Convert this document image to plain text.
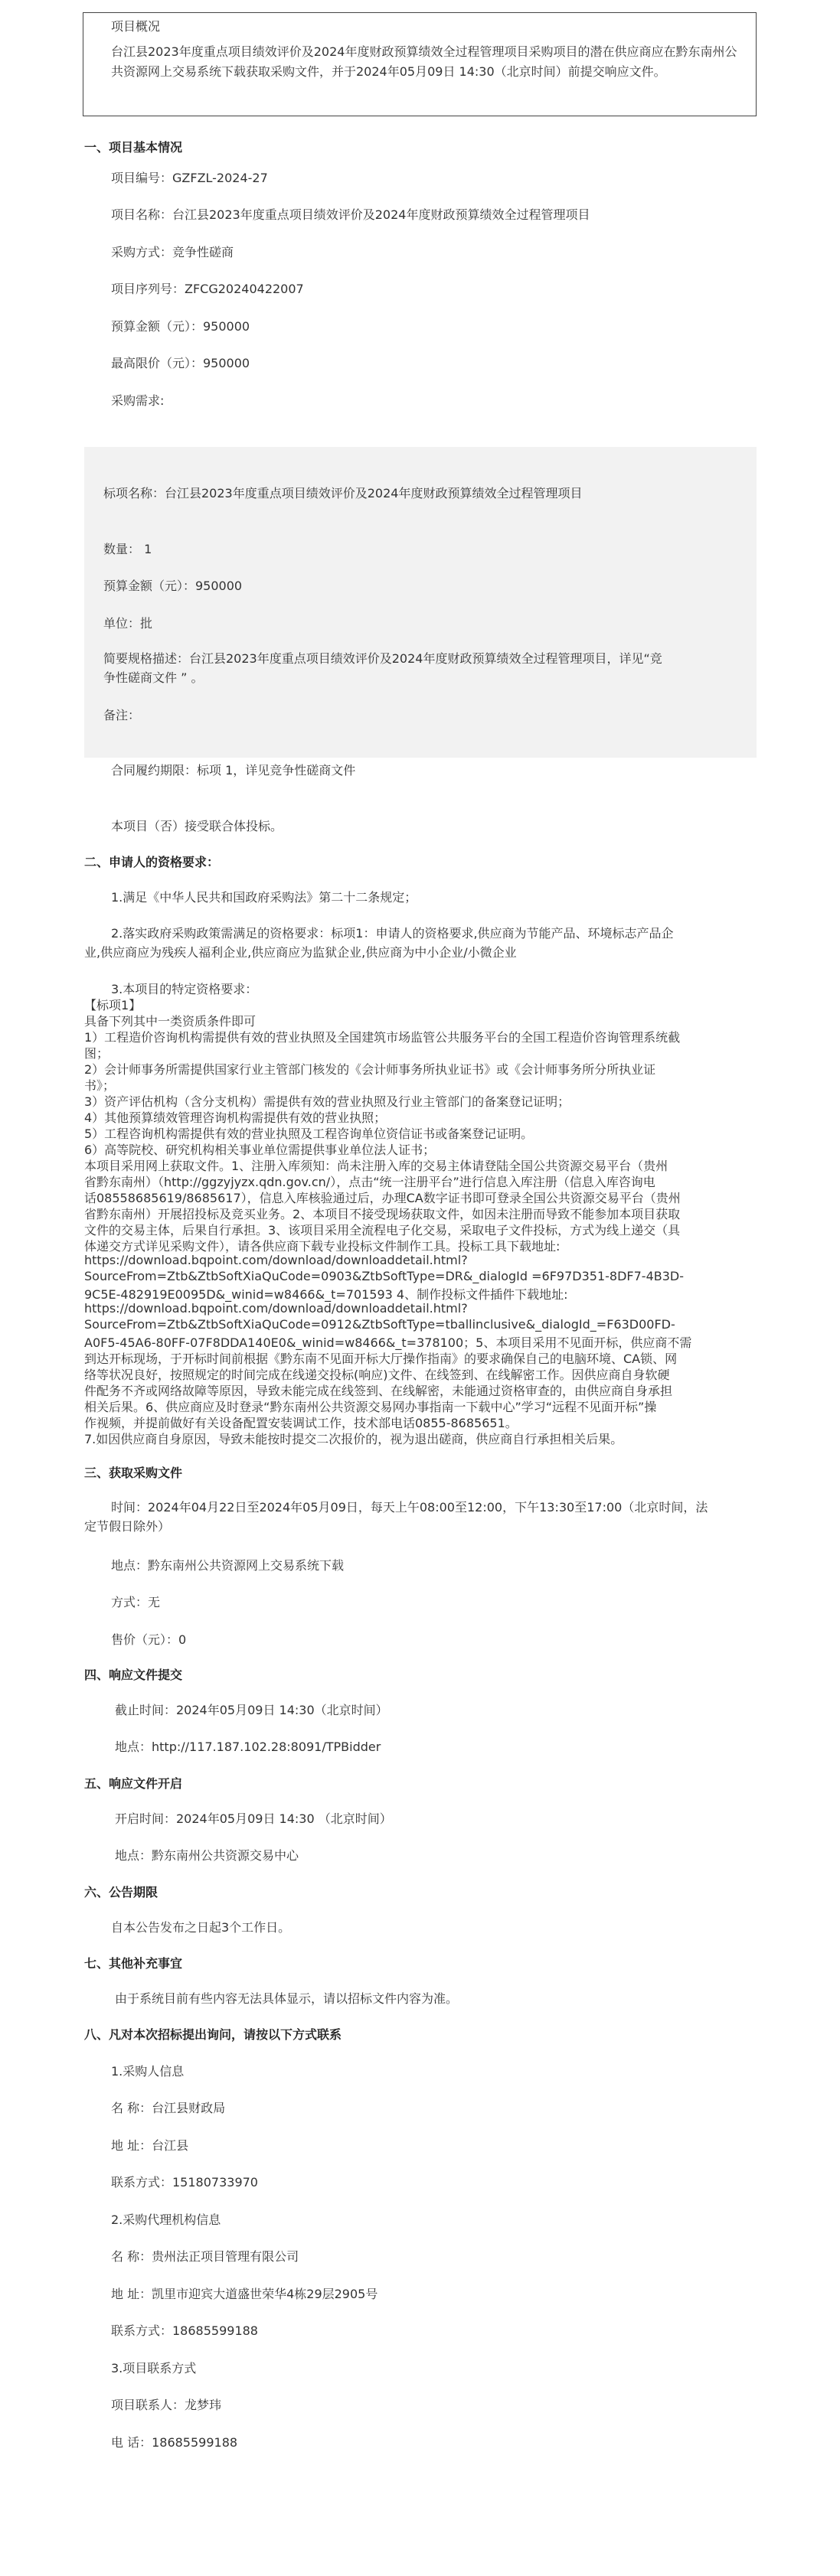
项目概况
台江县2023年度重点项目绩效评价及2024年度财政预算绩效全过程管理项目采购项目的潜在供应商应在黔东南州公共资源网上交易系统下载获取采购文件，并于2024年05月09日 14:30（北京时间）前提交响应文件。
一、项目基本情况
项目编号：GZFZL-2024-27
项目名称：台江县2023年度重点项目绩效评价及2024年度财政预算绩效全过程管理项目
采购方式：竞争性磋商
项目序列号：ZFCG20240422007
预算金额（元）：950000
最高限价（元）：950000
采购需求:
标项名称：台江县2023年度重点项目绩效评价及2024年度财政预算绩效全过程管理项目
数量： 1
预算金额（元）：950000
单位：批
简要规格描述：台江县2023年度重点项目绩效评价及2024年度财政预算绩效全过程管理项目，详见“竞
争性磋商文件 ” 。
备注：
合同履约期限：标项 1，详见竞争性磋商文件
本项目（否）接受联合体投标。
二、申请人的资格要求：
1.满足《中华人民共和国政府采购法》第二十二条规定；
2.落实政府采购政策需满足的资格要求：标项1：申请人的资格要求,供应商为节能产品、环境标志产品企
业,供应商应为残疾人福利企业,供应商应为监狱企业,供应商为中小企业/小微企业
3.本项目的特定资格要求：
【标项1】
具备下列其中一类资质条件即可
1）工程造价咨询机构需提供有效的营业执照及全国建筑市场监管公共服务平台的全国工程造价咨询管理系统截
图；
2）会计师事务所需提供国家行业主管部门核发的《会计师事务所执业证书》或《会计师事务所分所执业证
书》；
3）资产评估机构（含分支机构）需提供有效的营业执照及行业主管部门的备案登记证明；
4）其他预算绩效管理咨询机构需提供有效的营业执照；
5）工程咨询机构需提供有效的营业执照及工程咨询单位资信证书或备案登记证明。
6）高等院校、研究机构相关事业单位需提供事业单位法人证书；
本项目采用网上获取文件。1、注册入库须知：尚未注册入库的交易主体请登陆全国公共资源交易平台（贵州
省黔东南州）（http://ggzyjyzx.qdn.gov.cn/），点击“统一注册平台”进行信息入库注册（信息入库咨询电
话08558685619/8685617），信息入库核验通过后，办理CA数字证书即可登录全国公共资源交易平台（贵州
省黔东南州）开展招投标及竞买业务。2、本项目不接受现场获取文件，如因未注册而导致不能参加本项目获取
文件的交易主体，后果自行承担。3、该项目采用全流程电子化交易，采取电子文件投标，方式为线上递交（具
体递交方式详见采购文件），请各供应商下载专业投标文件制作工具。投标工具下载地址:
https://download.bqpoint.com/download/downloaddetail.html?
SourceFrom=Ztb&ZtbSoftXiaQuCode=0903&ZtbSoftType=DR&_dialogId =6F97D351-8DF7-4B3D-
9C5E-482919E0095D&_winid=w8466&_t=701593 4、制作投标文件插件下载地址:
https://download.bqpoint.com/download/downloaddetail.html?
SourceFrom=Ztb&ZtbSoftXiaQuCode=0912&ZtbSoftType=tballinclusive&_dialogId_=F63D00FD-
A0F5-45A6-80FF-07F8DDA140E0&_winid=w8466&_t=378100；5、本项目采用不见面开标，供应商不需
到达开标现场，于开标时间前根据《黔东南不见面开标大厅操作指南》的要求确保自己的电脑环境、CA锁、网
络等状况良好，按照规定的时间完成在线递交投标(响应)文件、在线签到、在线解密工作。因供应商自身软硬
件配务不齐或网络故障等原因，导致未能完成在线签到、在线解密，未能通过资格审查的，由供应商自身承担
相关后果。6、供应商应及时登录“黔东南州公共资源交易网办事指南一下载中心”学习“远程不见面开标”操
作视频，并提前做好有关设备配置安装调试工作，技术部电话0855-8685651。
7.如因供应商自身原因，导致未能按时提交二次报价的，视为退出磋商，供应商自行承担相关后果。
三、获取采购文件
时间：2024年04月22日至2024年05月09日，每天上午08:00至12:00，下午13:30至17:00（北京时间，法
定节假日除外）
地点：黔东南州公共资源网上交易系统下载
方式：无
售价（元）：0
四、响应文件提交
截止时间：2024年05月09日 14:30（北京时间）
地点：http://117.187.102.28:8091/TPBidder
五、响应文件开启
开启时间：2024年05月09日 14:30 （北京时间）
地点：黔东南州公共资源交易中心
六、公告期限
自本公告发布之日起3个工作日。
七、其他补充事宜
由于系统目前有些内容无法具体显示，请以招标文件内容为准。
八、凡对本次招标提出询问，请按以下方式联系
1.采购人信息
名 称：台江县财政局
地 址：台江县
联系方式：15180733970
2.采购代理机构信息
名 称：贵州法正项目管理有限公司
地 址：凯里市迎宾大道盛世荣华4栋29层2905号
联系方式：18685599188
3.项目联系方式
项目联系人：龙梦玮
电 话：18685599188
